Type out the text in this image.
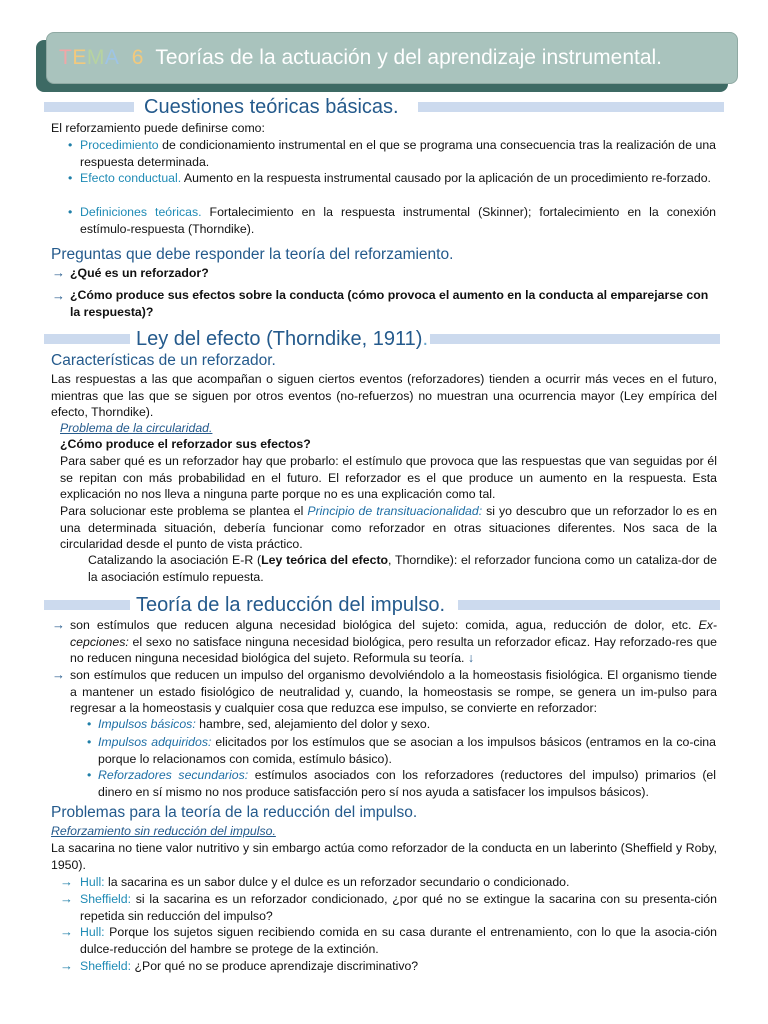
TEMA 6 Teorías de la actuación y del aprendizaje instrumental.
Cuestiones teóricas básicas.
El reforzamiento puede definirse como:
• Procedimiento de condicionamiento instrumental en el que se programa una consecuencia tras la realización de una respuesta determinada.
• Efecto conductual. Aumento en la respuesta instrumental causado por la aplicación de un procedimiento re-forzado.
• Definiciones teóricas. Fortalecimiento en la respuesta instrumental (Skinner); fortalecimiento en la conexión estímulo-respuesta (Thorndike).
Preguntas que debe responder la teoría del reforzamiento.
→ ¿Qué es un reforzador?
→ ¿Cómo produce sus efectos sobre la conducta (cómo provoca el aumento en la conducta al emparejarse con la respuesta)?
Ley del efecto (Thorndike, 1911).
Características de un reforzador.
Las respuestas a las que acompañan o siguen ciertos eventos (reforzadores) tienden a ocurrir más veces en el futuro, mientras que las que se siguen por otros eventos (no-refuerzos) no muestran una ocurrencia mayor (Ley empírica del efecto, Thorndike).
Problema de la circularidad.
¿Cómo produce el reforzador sus efectos?
Para saber qué es un reforzador hay que probarlo: el estímulo que provoca que las respuestas que van seguidas por él se repitan con más probabilidad en el futuro. El reforzador es el que produce un aumento en la respuesta. Esta explicación no nos lleva a ninguna parte porque no es una explicación como tal.
Para solucionar este problema se plantea el Principio de transituacionalidad: si yo descubro que un reforzador lo es en una determinada situación, debería funcionar como reforzador en otras situaciones diferentes. Nos saca de la circularidad desde el punto de vista práctico.
Catalizando la asociación E-R (Ley teórica del efecto, Thorndike): el reforzador funciona como un cataliza-dor de la asociación estímulo repuesta.
Teoría de la reducción del impulso.
→ son estímulos que reducen alguna necesidad biológica del sujeto: comida, agua, reducción de dolor, etc. Ex-cepciones: el sexo no satisface ninguna necesidad biológica, pero resulta un reforzador eficaz. Hay reforzado-res que no reducen ninguna necesidad biológica del sujeto. Reformula su teoría. ↓
→ son estímulos que reducen un impulso del organismo devolviéndolo a la homeostasis fisiológica. El organismo tiende a mantener un estado fisiológico de neutralidad y, cuando, la homeostasis se rompe, se genera un im-pulso para regresar a la homeostasis y cualquier cosa que reduzca ese impulso, se convierte en reforzador:
• Impulsos básicos: hambre, sed, alejamiento del dolor y sexo.
• Impulsos adquiridos: elicitados por los estímulos que se asocian a los impulsos básicos (entramos en la co-cina porque lo relacionamos con comida, estímulo básico).
• Reforzadores secundarios: estímulos asociados con los reforzadores (reductores del impulso) primarios (el dinero en sí mismo no nos produce satisfacción pero sí nos ayuda a satisfacer los impulsos básicos).
Problemas para la teoría de la reducción del impulso.
Reforzamiento sin reducción del impulso.
La sacarina no tiene valor nutritivo y sin embargo actúa como reforzador de la conducta en un laberinto (Sheffield y Roby, 1950).
→ Hull: la sacarina es un sabor dulce y el dulce es un reforzador secundario o condicionado.
→ Sheffield: si la sacarina es un reforzador condicionado, ¿por qué no se extingue la sacarina con su presenta-ción repetida sin reducción del impulso?
→ Hull: Porque los sujetos siguen recibiendo comida en su casa durante el entrenamiento, con lo que la asocia-ción dulce-reducción del hambre se protege de la extinción.
→ Sheffield: ¿Por qué no se produce aprendizaje discriminativo?
